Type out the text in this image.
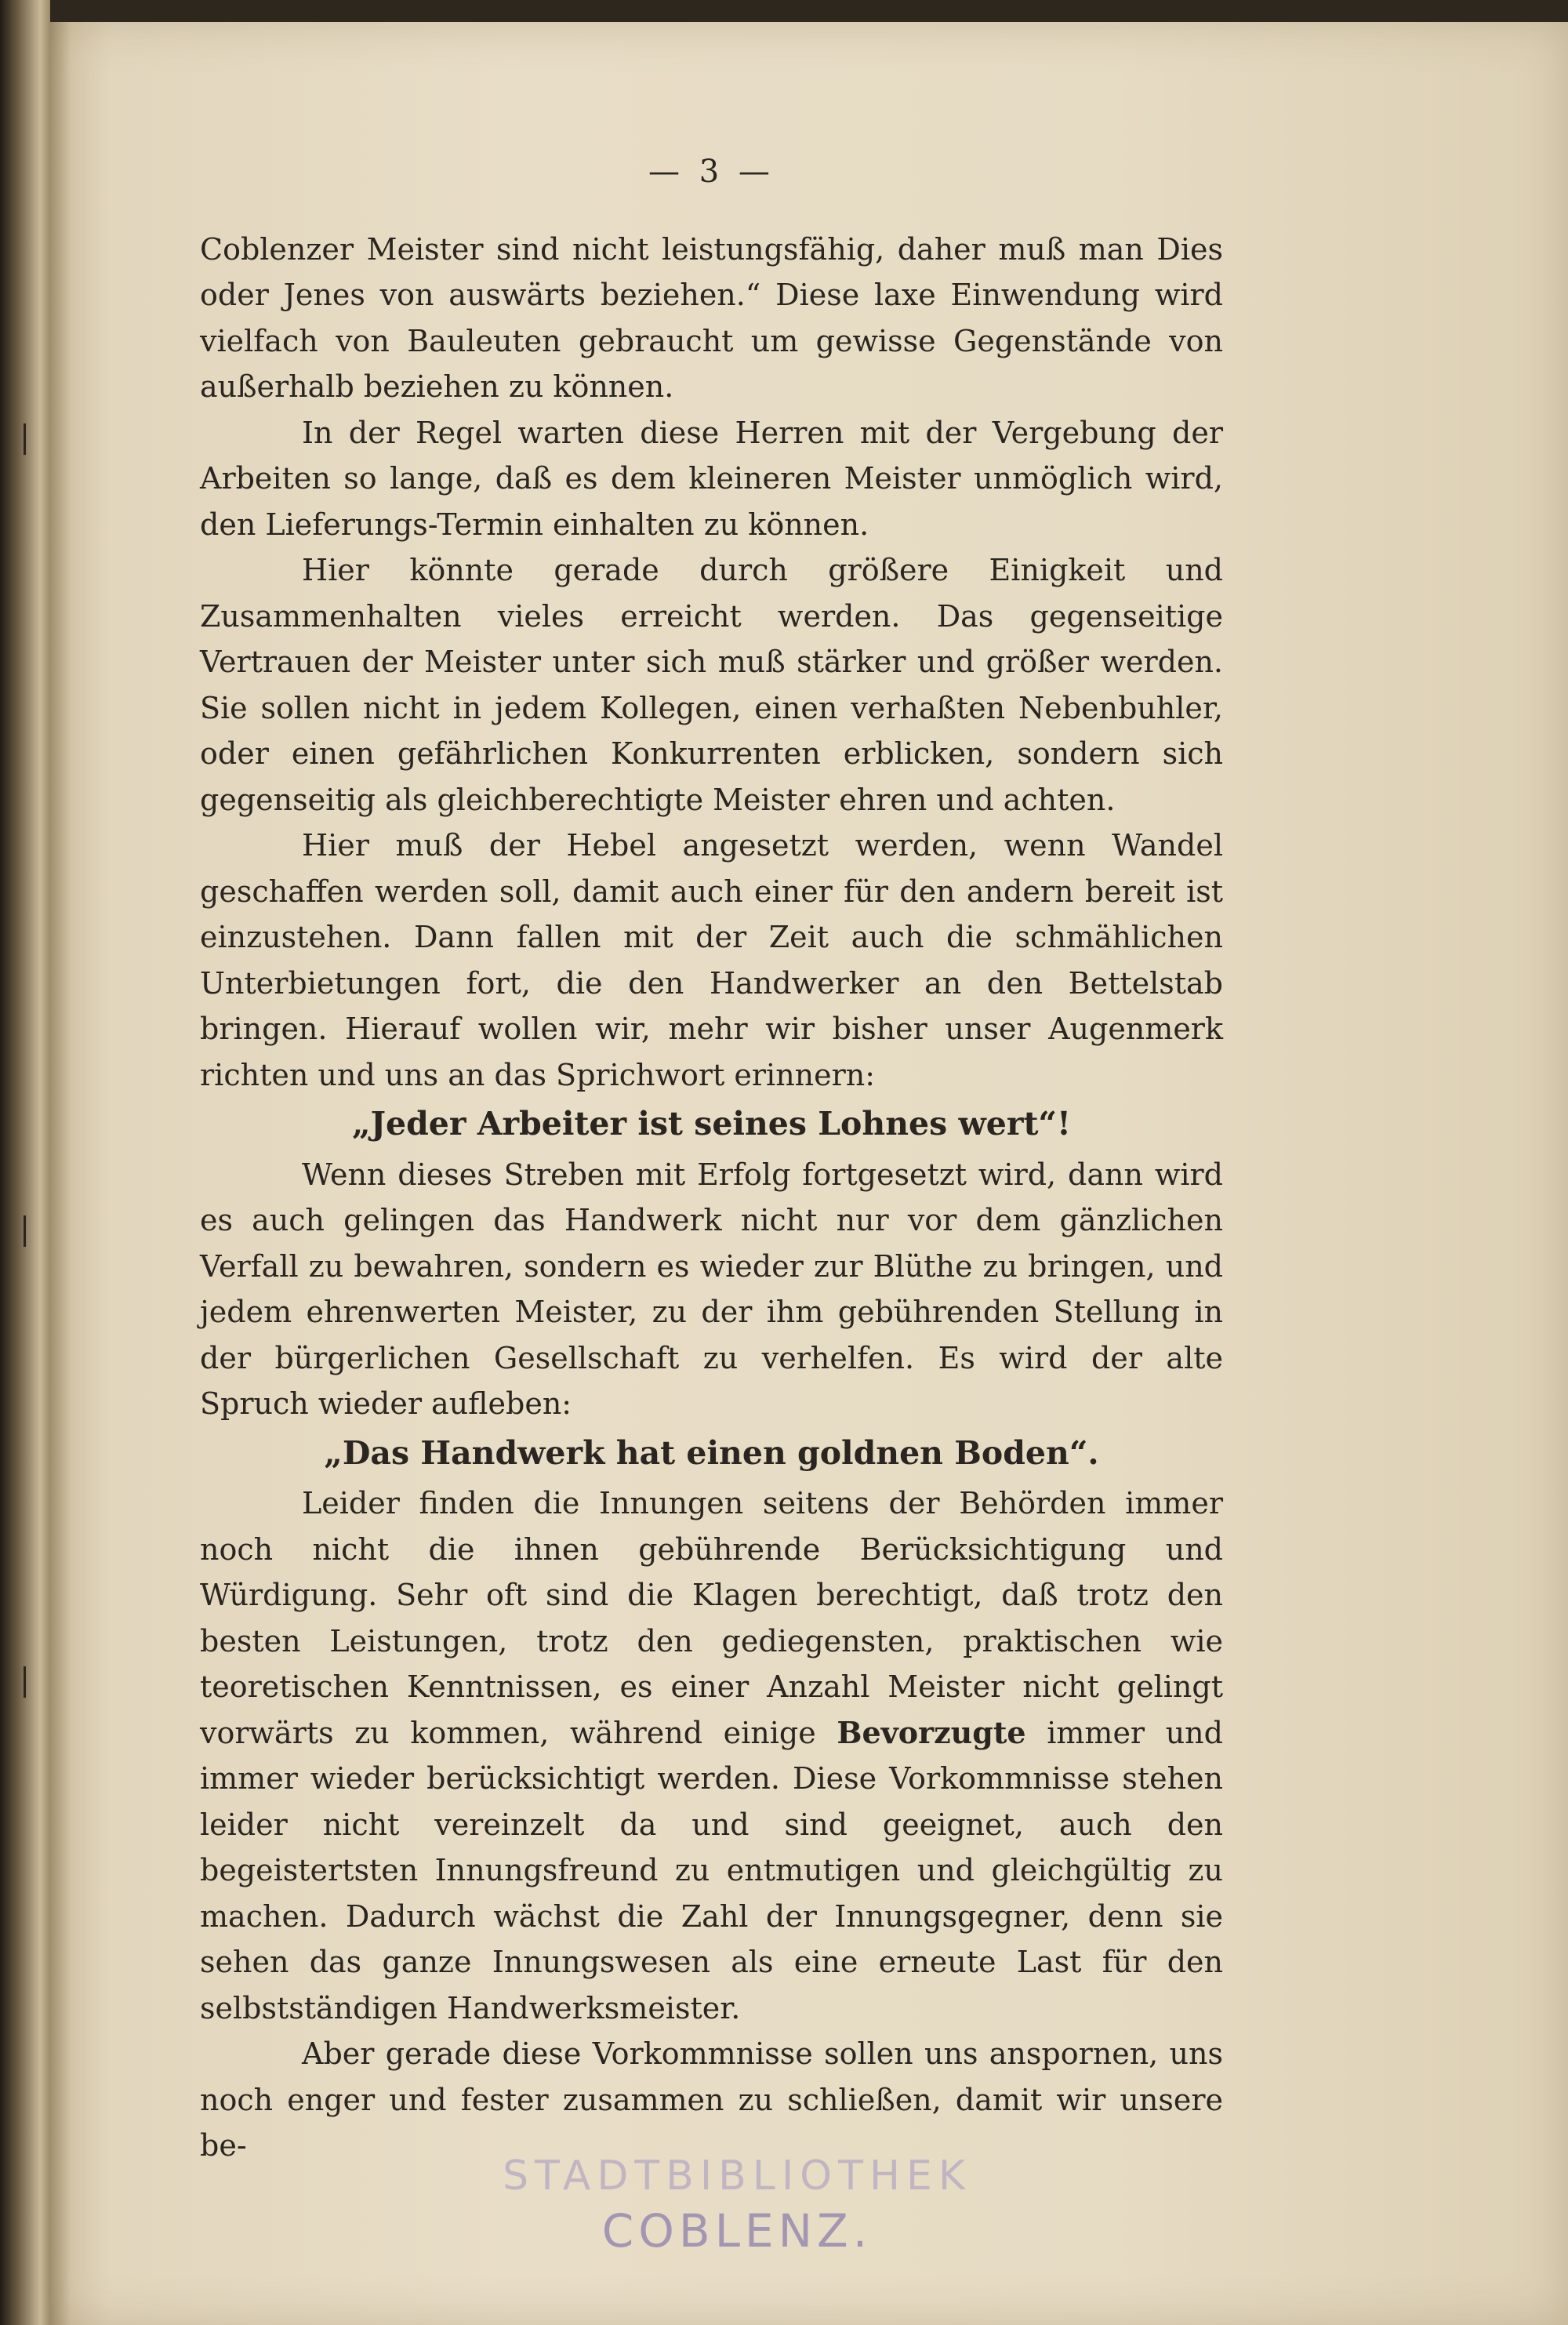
— 3 —

Coblenzer Meister sind nicht leistungsfähig, daher muß man Dies oder Jenes von auswärts beziehen.“ Diese laxe Einwendung wird vielfach von Bauleuten gebraucht um gewisse Gegenstände von außerhalb beziehen zu können.

In der Regel warten diese Herren mit der Vergebung der Arbeiten so lange, daß es dem kleineren Meister unmöglich wird, den Lieferungs-Termin einhalten zu können.

Hier könnte gerade durch größere Einigkeit und Zusammenhalten vieles erreicht werden. Das gegenseitige Vertrauen der Meister unter sich muß stärker und größer werden. Sie sollen nicht in jedem Kollegen, einen verhaßten Nebenbuhler, oder einen gefährlichen Konkurrenten erblicken, sondern sich gegenseitig als gleichberechtigte Meister ehren und achten.

Hier muß der Hebel angesetzt werden, wenn Wandel geschaffen werden soll, damit auch einer für den andern bereit ist einzustehen. Dann fallen mit der Zeit auch die schmählichen Unterbietungen fort, die den Handwerker an den Bettelstab bringen. Hierauf wollen wir, mehr wir bisher unser Augenmerk richten und uns an das Sprichwort erinnern:

„Jeder Arbeiter ist seines Lohnes wert“!

Wenn dieses Streben mit Erfolg fortgesetzt wird, dann wird es auch gelingen das Handwerk nicht nur vor dem gänzlichen Verfall zu bewahren, sondern es wieder zur Blüthe zu bringen, und jedem ehrenwerten Meister, zu der ihm gebührenden Stellung in der bürgerlichen Gesellschaft zu verhelfen. Es wird der alte Spruch wieder aufleben:

„Das Handwerk hat einen goldnen Boden“.

Leider finden die Innungen seitens der Behörden immer noch nicht die ihnen gebührende Berücksichtigung und Würdigung. Sehr oft sind die Klagen berechtigt, daß trotz den besten Leistungen, trotz den gediegensten, praktischen wie teoretischen Kenntnissen, es einer Anzahl Meister nicht gelingt vorwärts zu kommen, während einige Bevorzugte immer und immer wieder berücksichtigt werden. Diese Vorkommnisse stehen leider nicht vereinzelt da und sind geeignet, auch den begeistertsten Innungsfreund zu entmutigen und gleichgültig zu machen. Dadurch wächst die Zahl der Innungsgegner, denn sie sehen das ganze Innungswesen als eine erneute Last für den selbstständigen Handwerksmeister.

Aber gerade diese Vorkommnisse sollen uns anspornen, uns noch enger und fester zusammen zu schließen, damit wir unsere be-

STADTBIBLIOTHEK
COBLENZ.
